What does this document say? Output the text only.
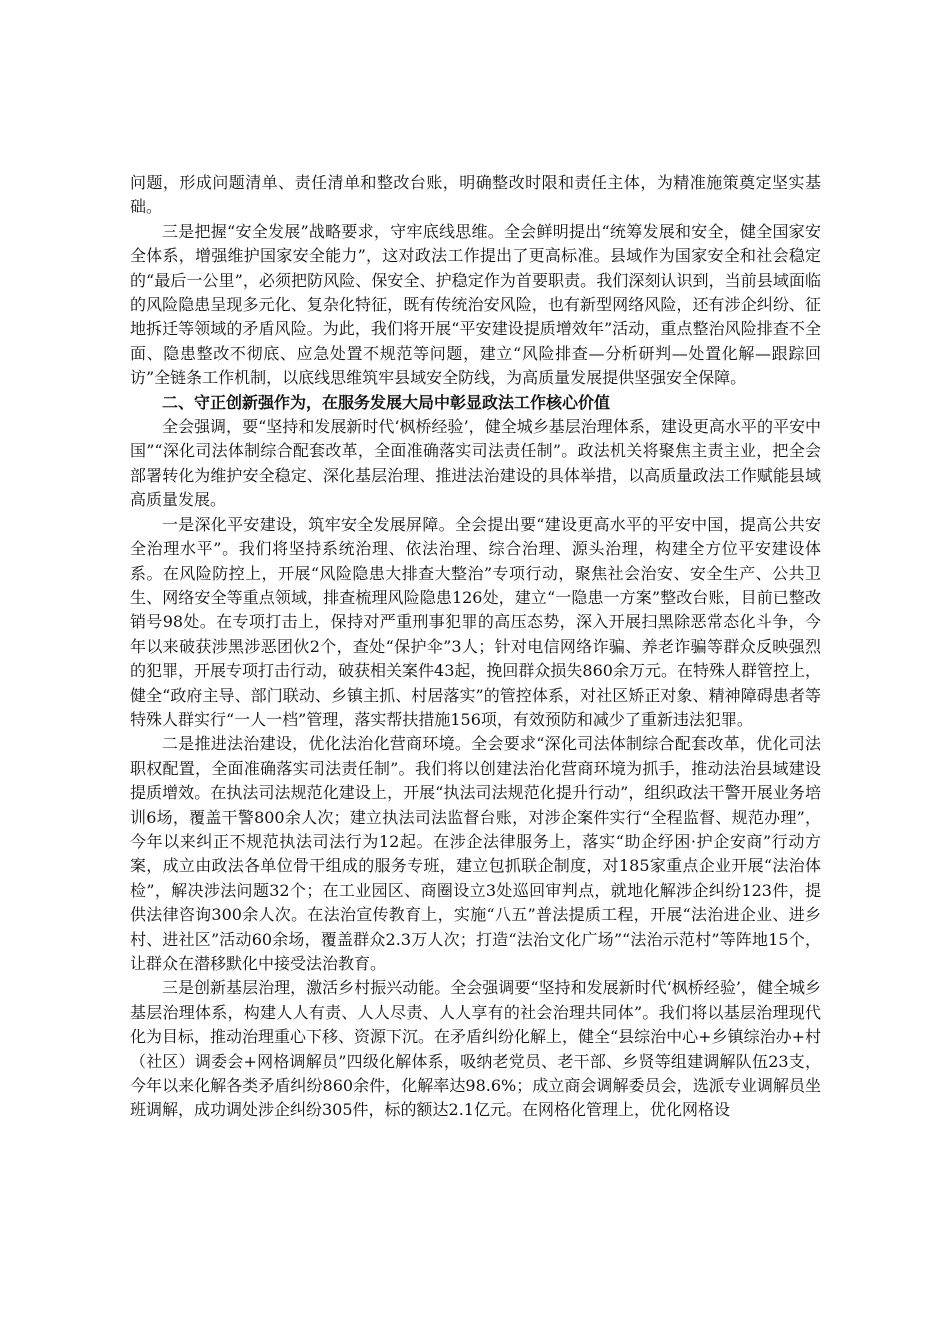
问题，形成问题清单、责任清单和整改台账，明确整改时限和责任主体，为精准施策奠定坚实基础。

三是把握“安全发展”战略要求，守牢底线思维。全会鲜明提出“统筹发展和安全，健全国家安全体系，增强维护国家安全能力”，这对政法工作提出了更高标准。县域作为国家安全和社会稳定的“最后一公里”，必须把防风险、保安全、护稳定作为首要职责。我们深刻认识到，当前县域面临的风险隐患呈现多元化、复杂化特征，既有传统治安风险，也有新型网络风险，还有涉企纠纷、征地拆迁等领域的矛盾风险。为此，我们将开展“平安建设提质增效年”活动，重点整治风险排查不全面、隐患整改不彻底、应急处置不规范等问题，建立“风险排查—分析研判—处置化解—跟踪回访”全链条工作机制，以底线思维筑牢县域安全防线，为高质量发展提供坚强安全保障。

二、守正创新强作为，在服务发展大局中彰显政法工作核心价值

全会强调，要“坚持和发展新时代‘枫桥经验’，健全城乡基层治理体系，建设更高水平的平安中国”“深化司法体制综合配套改革，全面准确落实司法责任制”。政法机关将聚焦主责主业，把全会部署转化为维护安全稳定、深化基层治理、推进法治建设的具体举措，以高质量政法工作赋能县域高质量发展。

一是深化平安建设，筑牢安全发展屏障。全会提出要“建设更高水平的平安中国，提高公共安全治理水平”。我们将坚持系统治理、依法治理、综合治理、源头治理，构建全方位平安建设体系。在风险防控上，开展“风险隐患大排查大整治”专项行动，聚焦社会治安、安全生产、公共卫生、网络安全等重点领域，排查梳理风险隐患126处，建立“一隐患一方案”整改台账，目前已整改销号98处。在专项打击上，保持对严重刑事犯罪的高压态势，深入开展扫黑除恶常态化斗争，今年以来破获涉黑涉恶团伙2个，查处“保护伞”3人；针对电信网络诈骗、养老诈骗等群众反映强烈的犯罪，开展专项打击行动，破获相关案件43起，挽回群众损失860余万元。在特殊人群管控上，健全“政府主导、部门联动、乡镇主抓、村居落实”的管控体系，对社区矫正对象、精神障碍患者等特殊人群实行“一人一档”管理，落实帮扶措施156项，有效预防和减少了重新违法犯罪。

二是推进法治建设，优化法治化营商环境。全会要求“深化司法体制综合配套改革，优化司法职权配置，全面准确落实司法责任制”。我们将以创建法治化营商环境为抓手，推动法治县域建设提质增效。在执法司法规范化建设上，开展“执法司法规范化提升行动”，组织政法干警开展业务培训6场，覆盖干警800余人次；建立执法司法监督台账，对涉企案件实行“全程监督、规范办理”，今年以来纠正不规范执法司法行为12起。在涉企法律服务上，落实“助企纾困·护企安商”行动方案，成立由政法各单位骨干组成的服务专班，建立包抓联企制度，对185家重点企业开展“法治体检”，解决涉法问题32个；在工业园区、商圈设立3处巡回审判点，就地化解涉企纠纷123件，提供法律咨询300余人次。在法治宣传教育上，实施“八五”普法提质工程，开展“法治进企业、进乡村、进社区”活动60余场，覆盖群众2.3万人次；打造“法治文化广场”“法治示范村”等阵地15个，让群众在潜移默化中接受法治教育。

三是创新基层治理，激活乡村振兴动能。全会强调要“坚持和发展新时代‘枫桥经验’，健全城乡基层治理体系，构建人人有责、人人尽责、人人享有的社会治理共同体”。我们将以基层治理现代化为目标，推动治理重心下移、资源下沉。在矛盾纠纷化解上，健全“县综治中心+乡镇综治办+村（社区）调委会+网格调解员”四级化解体系，吸纳老党员、老干部、乡贤等组建调解队伍23支，今年以来化解各类矛盾纠纷860余件，化解率达98.6%；成立商会调解委员会，选派专业调解员坐班调解，成功调处涉企纠纷305件，标的额达2.1亿元。在网格化管理上，优化网格设
